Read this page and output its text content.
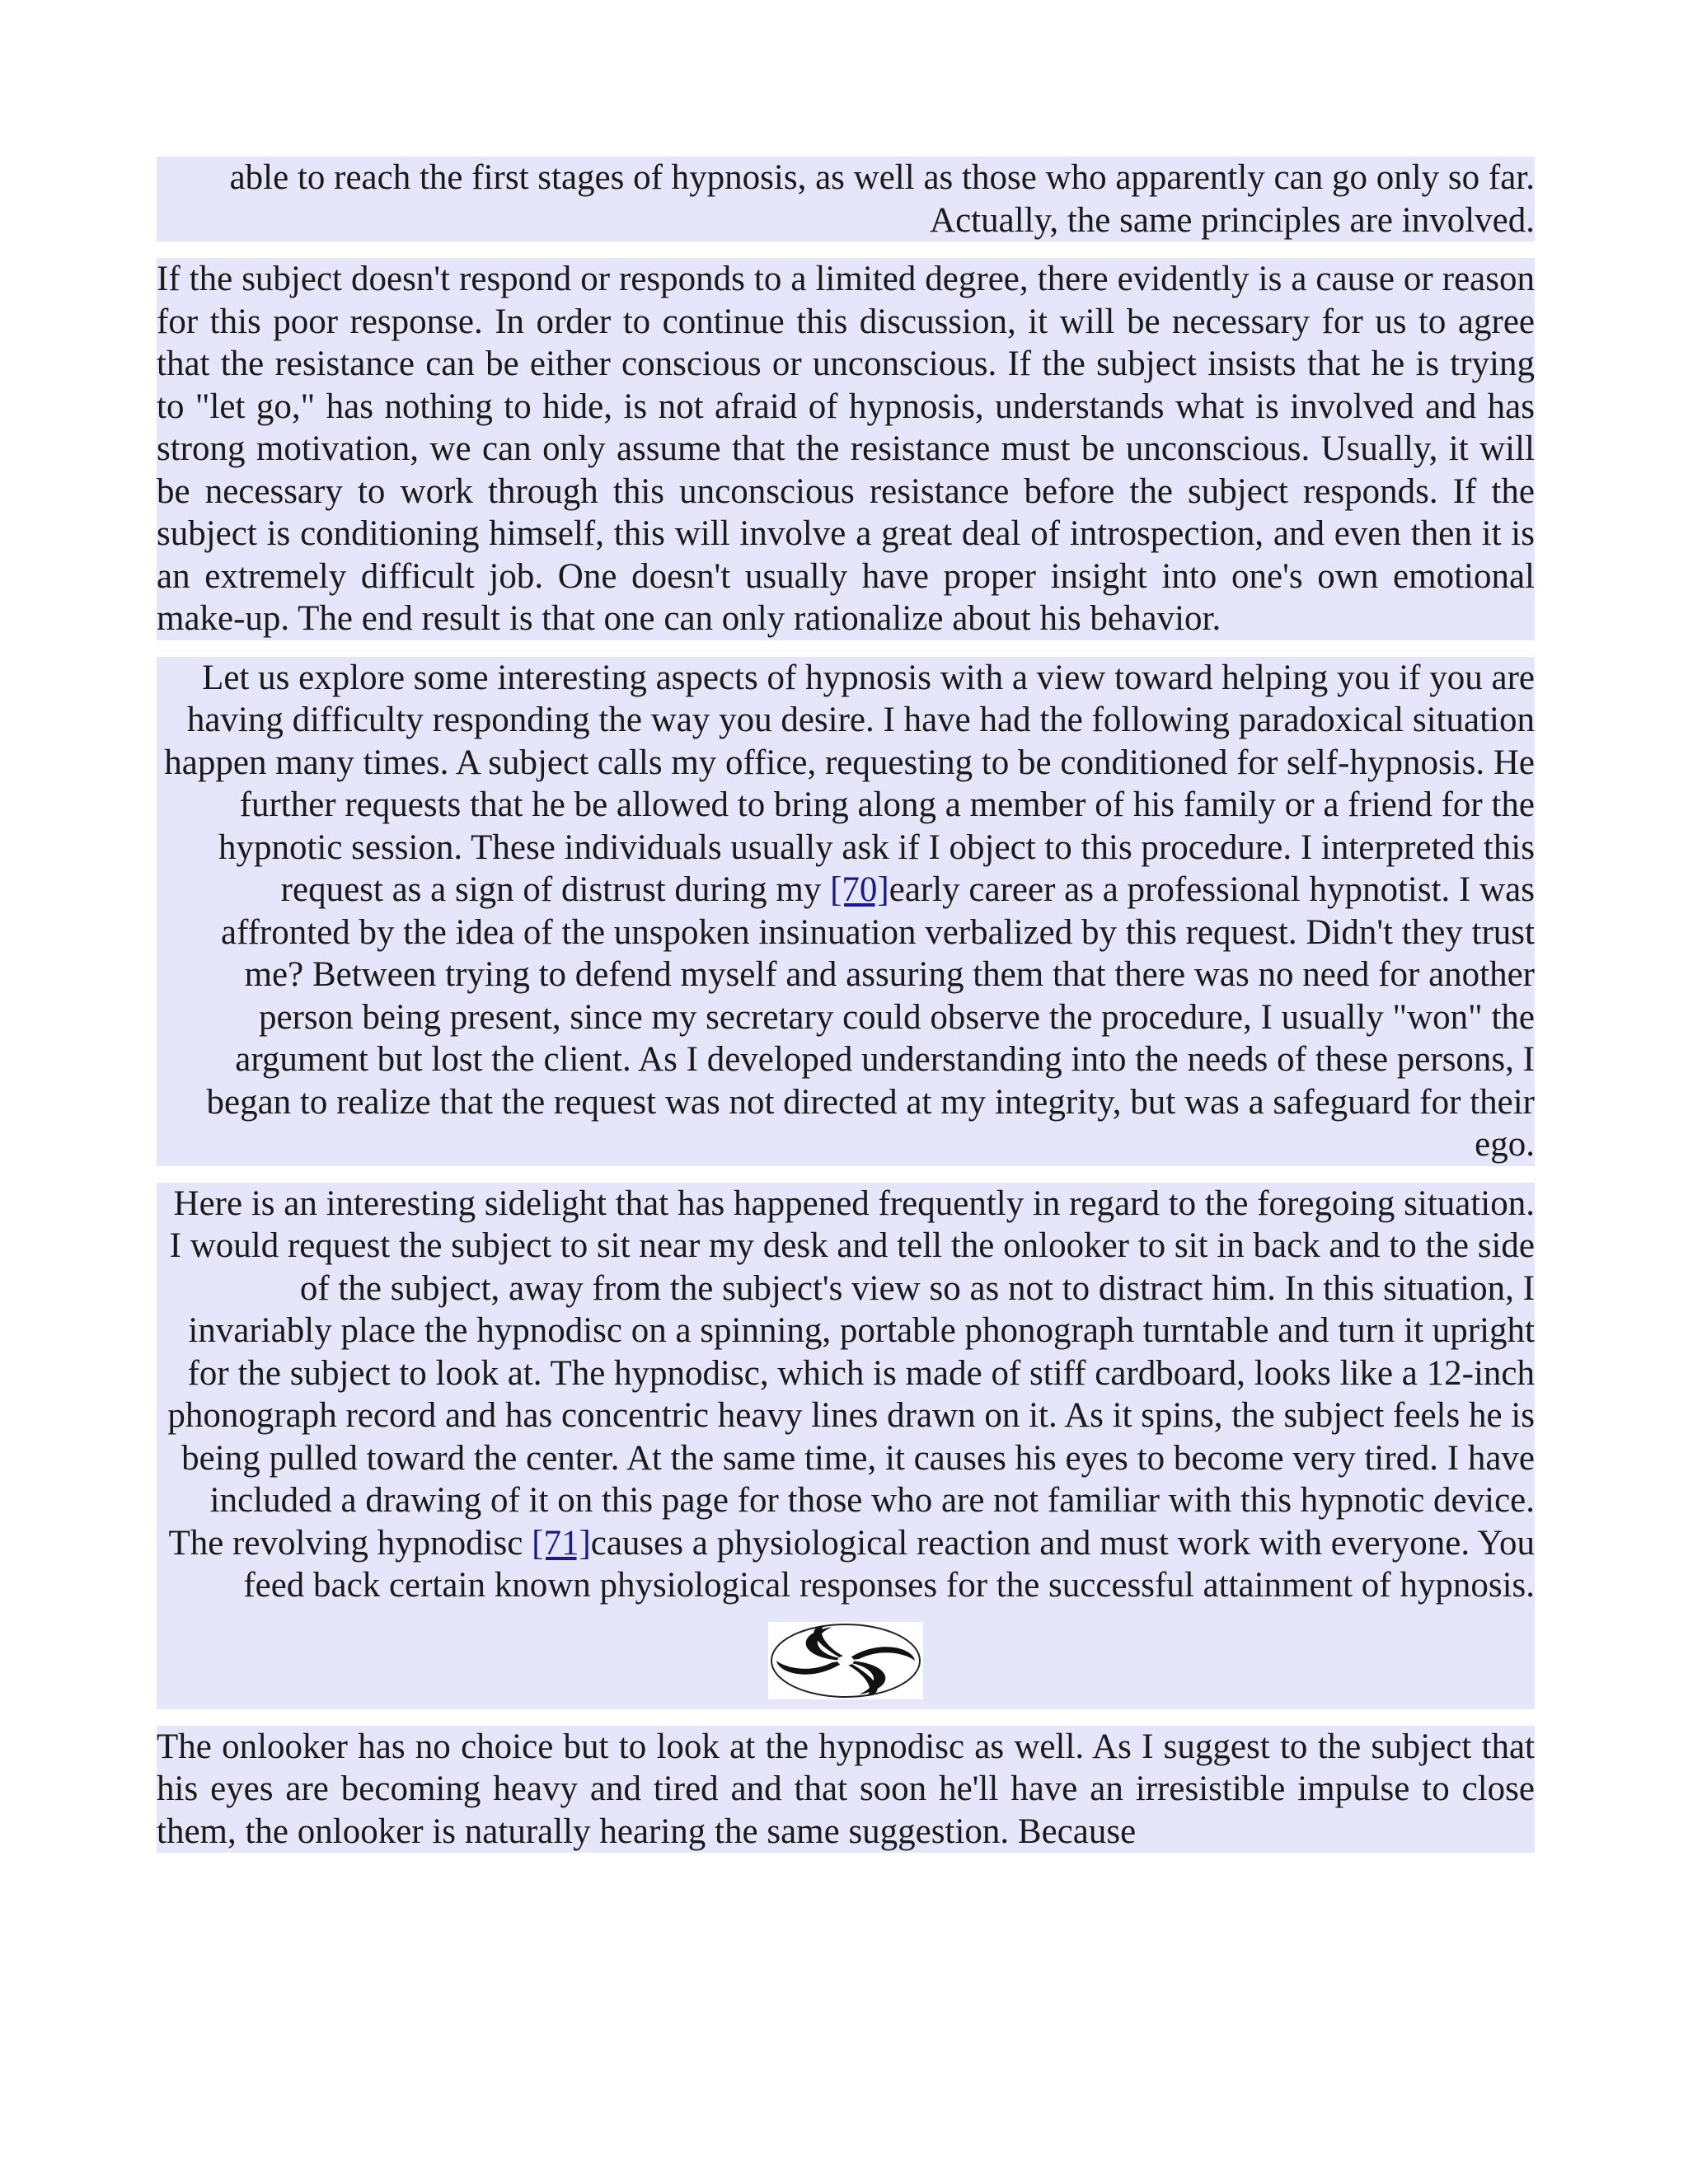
able to reach the first stages of hypnosis, as well as those who apparently can go only so far. Actually, the same principles are involved.

If the subject doesn't respond or responds to a limited degree, there evidently is a cause or reason for this poor response. In order to continue this discussion, it will be necessary for us to agree that the resistance can be either conscious or unconscious. If the subject insists that he is trying to "let go," has nothing to hide, is not afraid of hypnosis, understands what is involved and has strong motivation, we can only assume that the resistance must be unconscious. Usually, it will be necessary to work through this unconscious resistance before the subject responds. If the subject is conditioning himself, this will involve a great deal of introspection, and even then it is an extremely difficult job. One doesn't usually have proper insight into one's own emotional make-up. The end result is that one can only rationalize about his behavior.

Let us explore some interesting aspects of hypnosis with a view toward helping you if you are having difficulty responding the way you desire. I have had the following paradoxical situation happen many times. A subject calls my office, requesting to be conditioned for self-hypnosis. He further requests that he be allowed to bring along a member of his family or a friend for the hypnotic session. These individuals usually ask if I object to this procedure. I interpreted this request as a sign of distrust during my [70]early career as a professional hypnotist. I was affronted by the idea of the unspoken insinuation verbalized by this request. Didn't they trust me? Between trying to defend myself and assuring them that there was no need for another person being present, since my secretary could observe the procedure, I usually "won" the argument but lost the client. As I developed understanding into the needs of these persons, I began to realize that the request was not directed at my integrity, but was a safeguard for their ego.

Here is an interesting sidelight that has happened frequently in regard to the foregoing situation. I would request the subject to sit near my desk and tell the onlooker to sit in back and to the side of the subject, away from the subject's view so as not to distract him. In this situation, I invariably place the hypnodisc on a spinning, portable phonograph turntable and turn it upright for the subject to look at. The hypnodisc, which is made of stiff cardboard, looks like a 12-inch phonograph record and has concentric heavy lines drawn on it. As it spins, the subject feels he is being pulled toward the center. At the same time, it causes his eyes to become very tired. I have included a drawing of it on this page for those who are not familiar with this hypnotic device. The revolving hypnodisc [71]causes a physiological reaction and must work with everyone. You feed back certain known physiological responses for the successful attainment of hypnosis.

The onlooker has no choice but to look at the hypnodisc as well. As I suggest to the subject that his eyes are becoming heavy and tired and that soon he'll have an irresistible impulse to close them, the onlooker is naturally hearing the same suggestion. Because
